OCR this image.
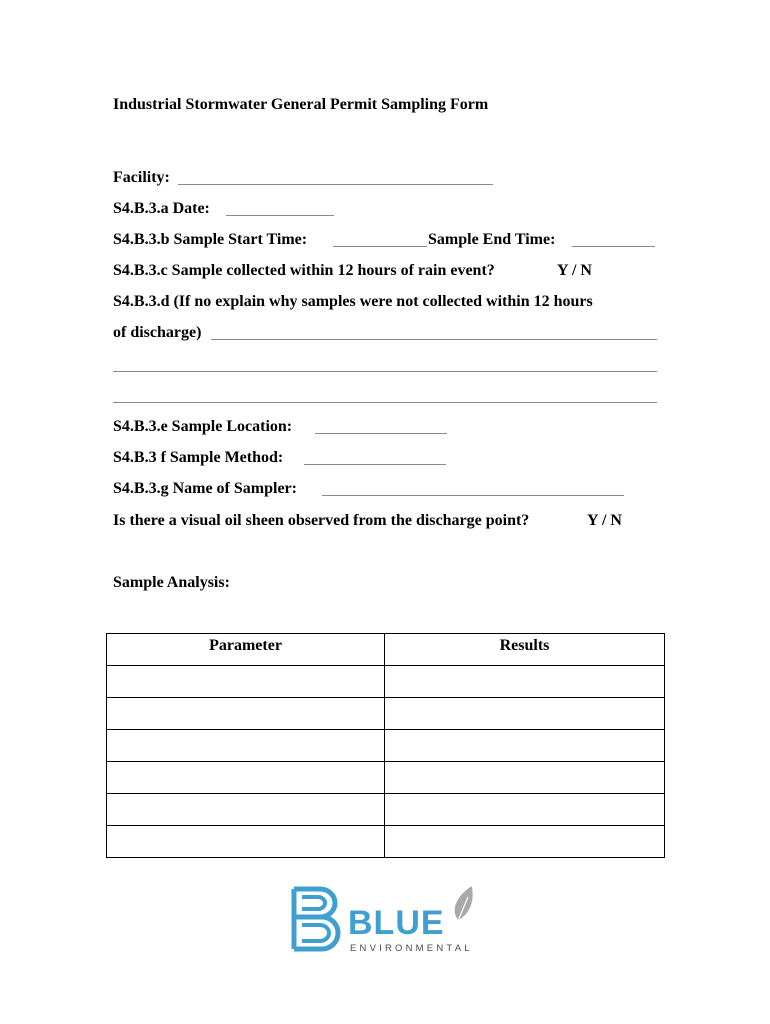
Industrial Stormwater General Permit Sampling Form
Facility:
S4.B.3.a Date:
S4.B.3.b Sample Start Time:	Sample End Time:
S4.B.3.c Sample collected within 12 hours of rain event?	Y / N
S4.B.3.d (If no explain why samples were not collected within 12 hours
of discharge)
S4.B.3.e Sample Location:
S4.B.3 f Sample Method:
S4.B.3.g Name of Sampler:
Is there a visual oil sheen observed from the discharge point?	Y / N
Sample Analysis:
Parameter	Results

BLUE
ENVIRONMENTAL
